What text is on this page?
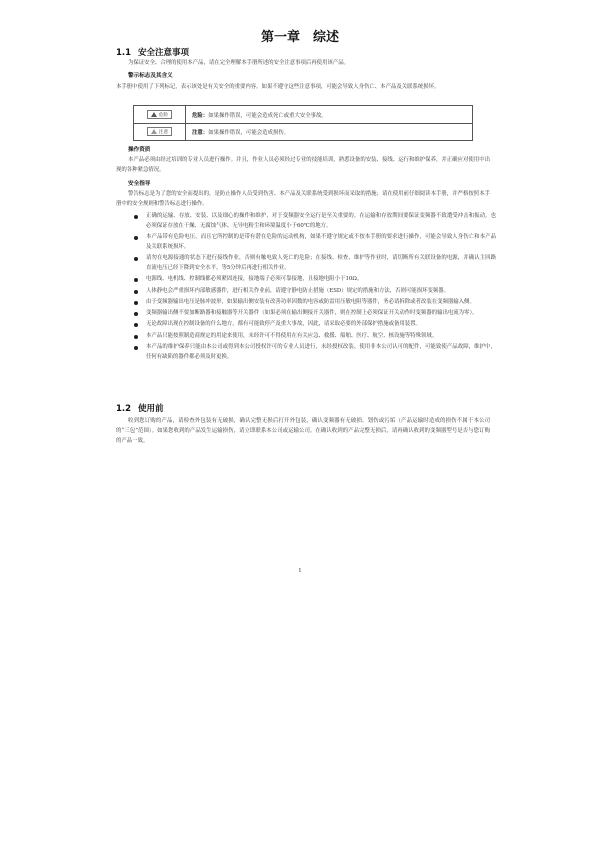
第一章　综述
1.1 安全注意事项

为保证安全、合理的使用本产品，请在完全理解本手册所述的安全注意事项后再使用该产品。

警示标志及其含义

本手册中使用了下列标记，表示该处是有关安全的重要内容。如果不遵守这些注意事项，可能会导致人身伤亡、本产品及关联系统损坏。

危险	危险： 如果操作错误，可能会造成死亡或重大安全事故。
注意	注意： 如果操作错误，可能会造成损伤。
操作资质

本产品必须由经过培训的专业人员进行操作。并且，作业人员必须经过专业的技能培训，熟悉设备的安装、接线、运行和维护保养，并正确应对使用中出现的各种紧急情况。

安全指导

警告标志是为了您的安全而提出的，是防止操作人员受到伤害、本产品及关联系统受到损坏而采取的措施；请在使用前仔细阅读本手册，并严格按照本手册中的安全规则和警告标志进行操作。

正确的运输、存放、安装、以及细心的操作和维护，对于变频器安全运行是至关重要的。在运输和存放期间要保证变频器不致遭受冲击和振动，也必须保证存放在干燥、无腐蚀气体、无导电粉尘和环境温度小于60℃的地方。
本产品带有危险电压，而且它所控制的是带有潜在危险的运动机构，如果不遵守规定或不按本手册的要求进行操作，可能会导致人身伤亡和本产品及关联系统损坏。
请勿在电源接通的状态下进行接线作业，否则有触电致人死亡的危险；在接线、检查、维护等作业时，请切断所有关联设备的电源，并确认主回路直流电压已经下降到安全水平，等5分钟后再进行相关作业。
电源线、电机线、控制线都必须紧固连接，接地端子必须可靠接地，且接地电阻小于10Ω。
人体静电会严重损坏内部敏感器件，进行相关作业前，请遵守静电防止措施（ESD）规定的措施和方法，否则可能损坏变频器。
由于变频器输出电压是脉冲波形，如果输出侧安装有改善功率因数的电容或防雷用压敏电阻等器件，务必请拆除或者改装在变频器输入侧。
变频器输出侧不要加断路器和接触器等开关器件（如果必须在输出侧接开关器件，则在控制上必须保证开关动作时变频器的输出电流为零）。
无论故障出现在控制设备的什么地方，都有可能致停产及重大事故，因此，请采取必要的外部保护措施或备用装置。
本产品只能按照制造商规定的用途来使用，未经许可不得使用在有关应急、救援、船舶、医疗、航空、核设施等特殊领域。
本产品的维护保养只能由本公司或得到本公司授权许可的专业人员进行，未经授权改装、使用非本公司认可的配件，可能致使产品故障，维护中，任何有缺陷的器件都必须及时更换。
1.2 使用前

收到您订购的产品，请检查外包装有无破损，确认完整无损后打开外包装，确认变频器有无破损、划伤或污垢（产品运输时造成的损伤不属于本公司的“三包”范围）。如果您收到的产品发生运输损伤，请立即联系本公司或运输公司。在确认收到的产品完整无损后，请再确认收到的变频器型号是否与您订购的产品一致。

1
